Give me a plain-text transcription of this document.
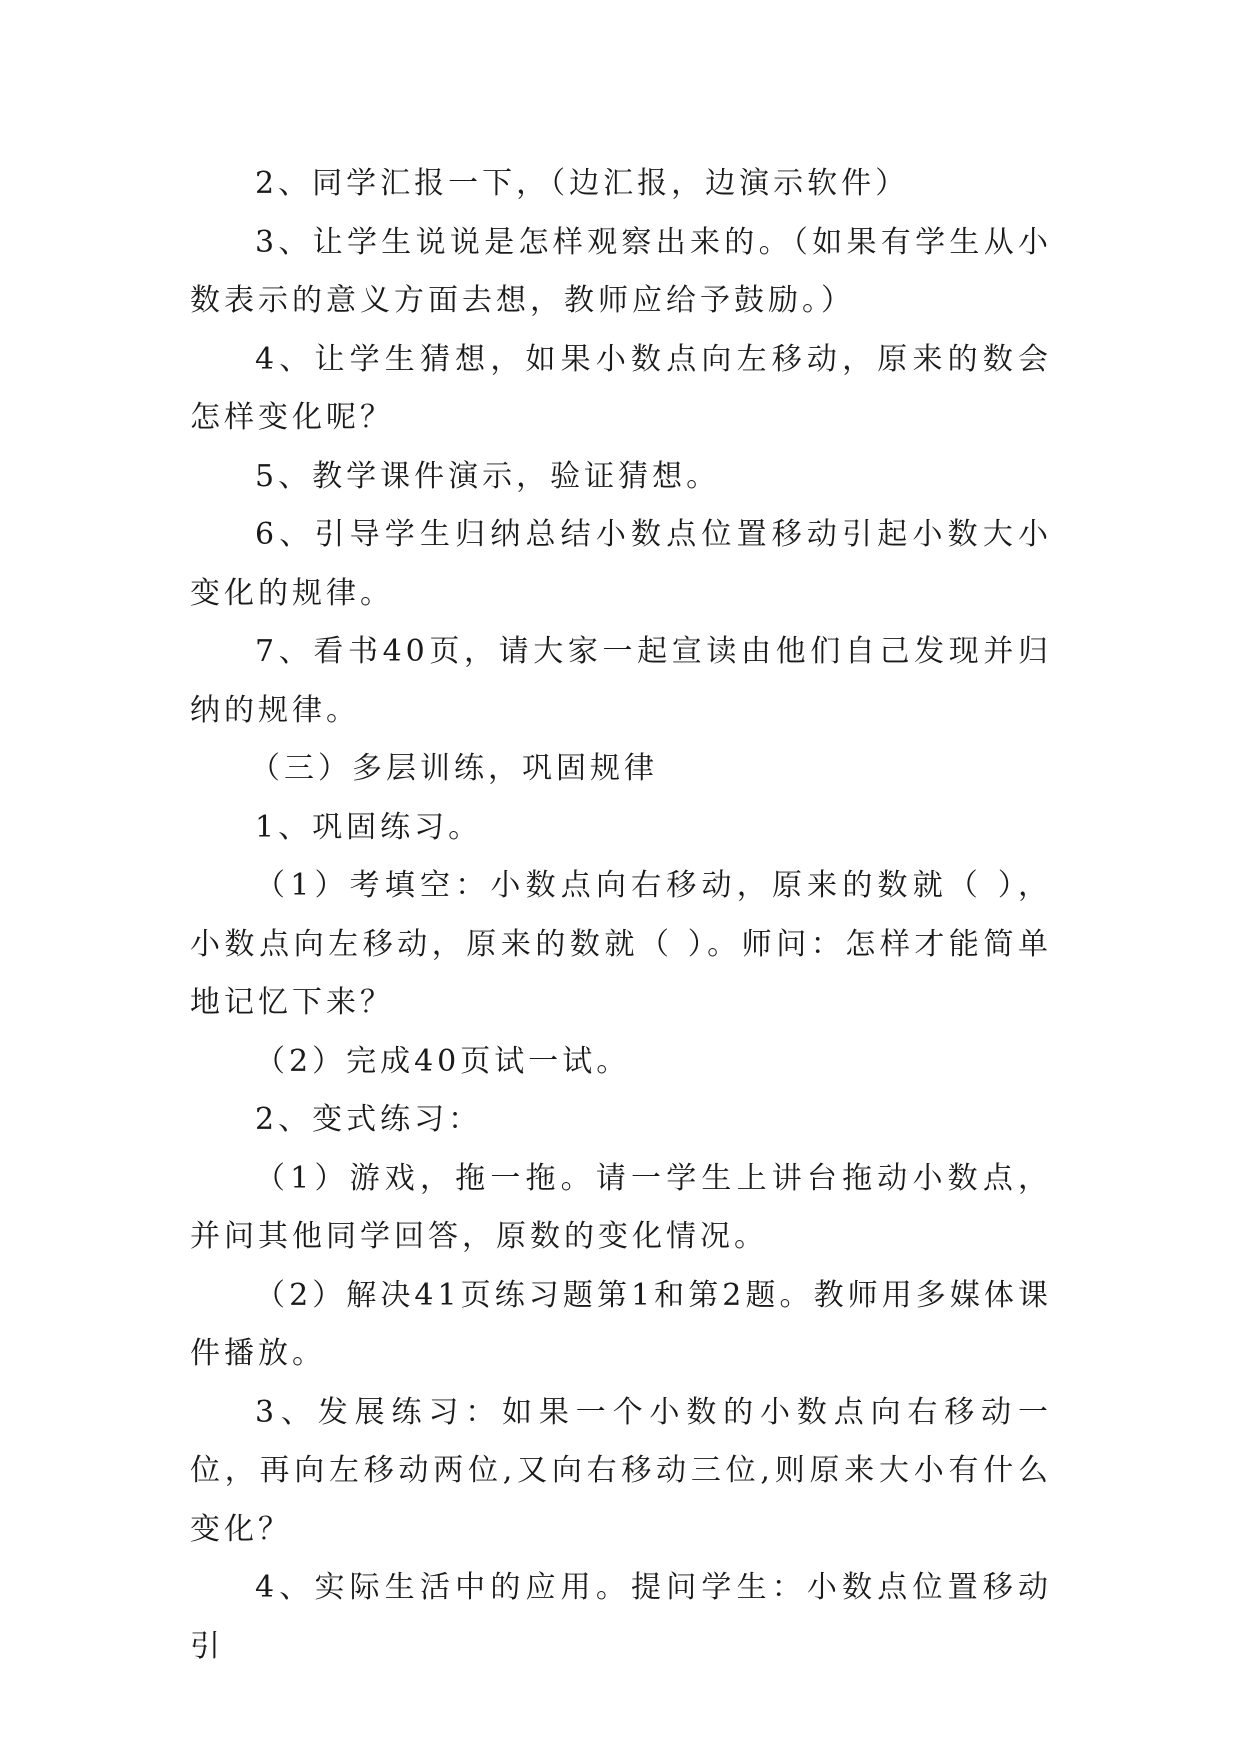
2、同学汇报一下，（边汇报，边演示软件）

3、让学生说说是怎样观察出来的。（如果有学生从小数表示的意义方面去想，教师应给予鼓励。）

4、让学生猜想，如果小数点向左移动，原来的数会怎样变化呢？

5、教学课件演示，验证猜想。

6、引导学生归纳总结小数点位置移动引起小数大小变化的规律。

7、看书40页，请大家一起宣读由他们自己发现并归纳的规律。

（三）多层训练，巩固规律

1、巩固练习。

（1）考填空：小数点向右移动，原来的数就（ ），小数点向左移动，原来的数就（ ）。师问：怎样才能简单地记忆下来？

（2）完成40页试一试。

2、变式练习：

（1）游戏，拖一拖。请一学生上讲台拖动小数点，并问其他同学回答，原数的变化情况。

（2）解决41页练习题第1和第2题。教师用多媒体课件播放。

3、发展练习：如果一个小数的小数点向右移动一位，再向左移动两位,又向右移动三位,则原来大小有什么变化？

4、实际生活中的应用。提问学生：小数点位置移动引
